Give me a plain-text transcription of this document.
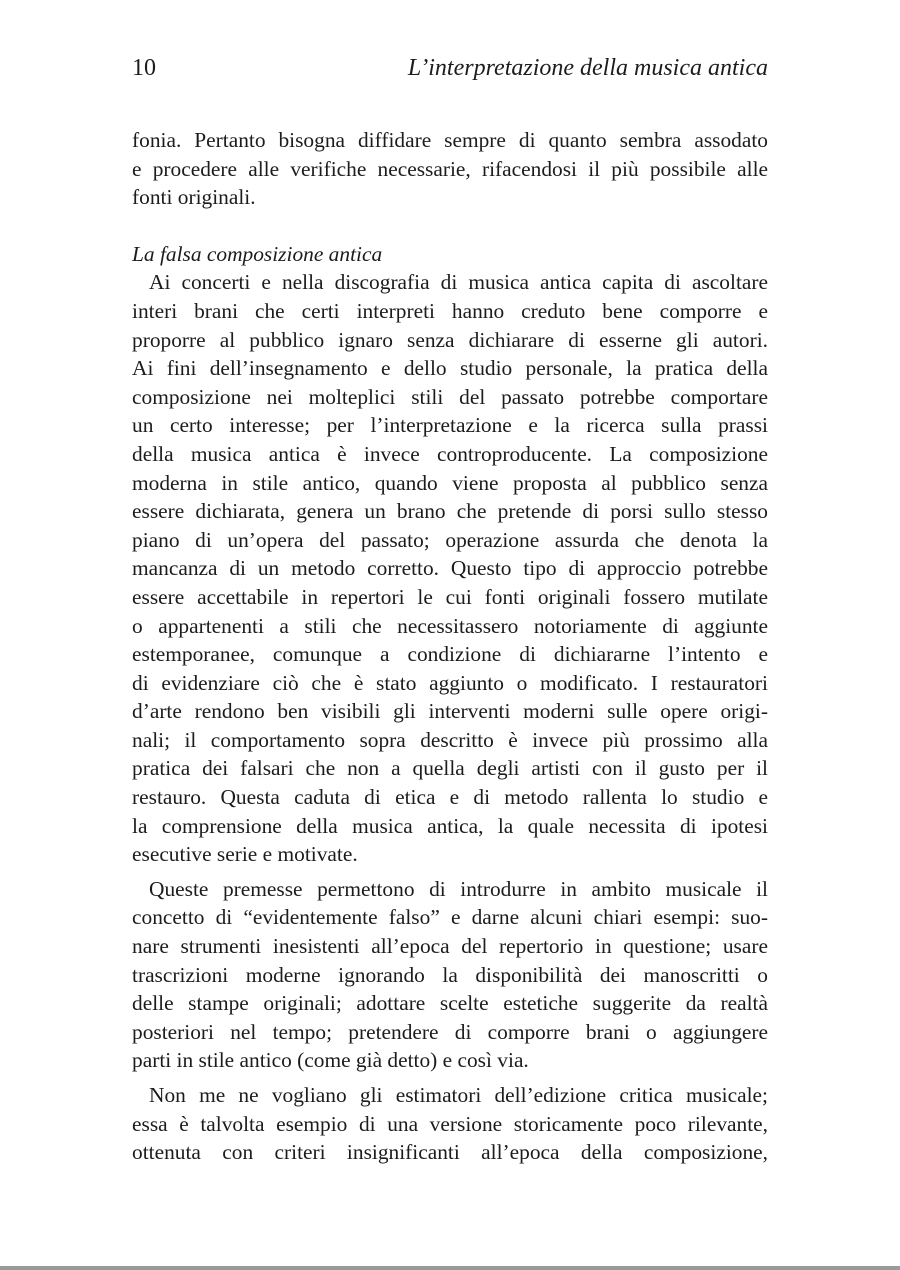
10	L’interpretazione della musica antica
fonia. Pertanto bisogna diffidare sempre di quanto sembra assodato
e procedere alle verifiche necessarie, rifacendosi il più possibile alle
fonti originali.
La falsa composizione antica
Ai concerti e nella discografia di musica antica capita di ascoltare
interi brani che certi interpreti hanno creduto bene comporre e
proporre al pubblico ignaro senza dichiarare di esserne gli autori.
Ai fini dell’insegnamento e dello studio personale, la pratica della
composizione nei molteplici stili del passato potrebbe comportare
un certo interesse; per l’interpretazione e la ricerca sulla prassi
della musica antica è invece controproducente. La composizione
moderna in stile antico, quando viene proposta al pubblico senza
essere dichiarata, genera un brano che pretende di porsi sullo stesso
piano di un’opera del passato; operazione assurda che denota la
mancanza di un metodo corretto. Questo tipo di approccio potrebbe
essere accettabile in repertori le cui fonti originali fossero mutilate
o appartenenti a stili che necessitassero notoriamente di aggiunte
estemporanee, comunque a condizione di dichiararne l’intento e
di evidenziare ciò che è stato aggiunto o modificato. I restauratori
d’arte rendono ben visibili gli interventi moderni sulle opere origi-
nali; il comportamento sopra descritto è invece più prossimo alla
pratica dei falsari che non a quella degli artisti con il gusto per il
restauro. Questa caduta di etica e di metodo rallenta lo studio e
la comprensione della musica antica, la quale necessita di ipotesi
esecutive serie e motivate.
Queste premesse permettono di introdurre in ambito musicale il
concetto di “evidentemente falso” e darne alcuni chiari esempi: suo-
nare strumenti inesistenti all’epoca del repertorio in questione; usare
trascrizioni moderne ignorando la disponibilità dei manoscritti o
delle stampe originali; adottare scelte estetiche suggerite da realtà
posteriori nel tempo; pretendere di comporre brani o aggiungere
parti in stile antico (come già detto) e così via.
Non me ne vogliano gli estimatori dell’edizione critica musicale;
essa è talvolta esempio di una versione storicamente poco rilevante,
ottenuta con criteri insignificanti all’epoca della composizione,
